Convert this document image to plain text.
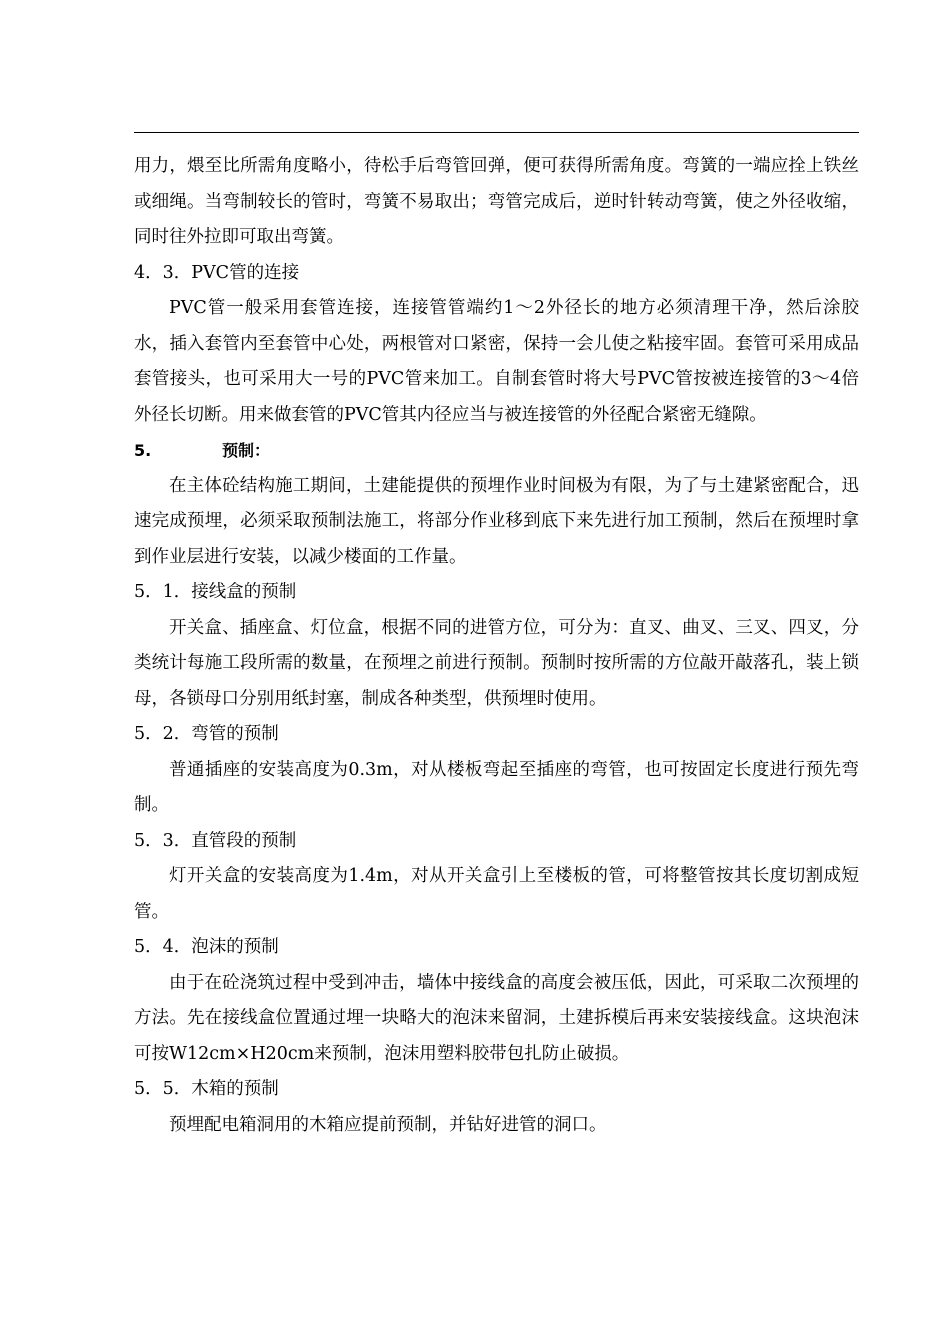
用力，煨至比所需角度略小，待松手后弯管回弹，便可获得所需角度。弯簧的一端应拴上铁丝或细绳。当弯制较长的管时，弯簧不易取出；弯管完成后，逆时针转动弯簧，使之外径收缩，同时往外拉即可取出弯簧。

4．3．PVC管的连接

PVC管一般采用套管连接，连接管管端约1～2外径长的地方必须清理干净，然后涂胶水，插入套管内至套管中心处，两根管对口紧密，保持一会儿使之粘接牢固。套管可采用成品套管接头，也可采用大一号的PVC管来加工。自制套管时将大号PVC管按被连接管的3～4倍外径长切断。用来做套管的PVC管其内径应当与被连接管的外径配合紧密无缝隙。

5.	预制：

在主体砼结构施工期间，土建能提供的预埋作业时间极为有限，为了与土建紧密配合，迅速完成预埋，必须采取预制法施工，将部分作业移到底下来先进行加工预制，然后在预埋时拿到作业层进行安装，以减少楼面的工作量。

5．1．接线盒的预制

开关盒、插座盒、灯位盒，根据不同的进管方位，可分为：直叉、曲叉、三叉、四叉，分类统计每施工段所需的数量，在预埋之前进行预制。预制时按所需的方位敲开敲落孔，装上锁母，各锁母口分别用纸封塞，制成各种类型，供预埋时使用。

5．2．弯管的预制

普通插座的安装高度为0.3m，对从楼板弯起至插座的弯管，也可按固定长度进行预先弯制。

5．3．直管段的预制

灯开关盒的安装高度为1.4m，对从开关盒引上至楼板的管，可将整管按其长度切割成短管。

5．4．泡沫的预制

由于在砼浇筑过程中受到冲击，墙体中接线盒的高度会被压低，因此，可采取二次预埋的方法。先在接线盒位置通过埋一块略大的泡沫来留洞，土建拆模后再来安装接线盒。这块泡沫可按W12cm×H20cm来预制，泡沫用塑料胶带包扎防止破损。

5．5．木箱的预制

预埋配电箱洞用的木箱应提前预制，并钻好进管的洞口。
